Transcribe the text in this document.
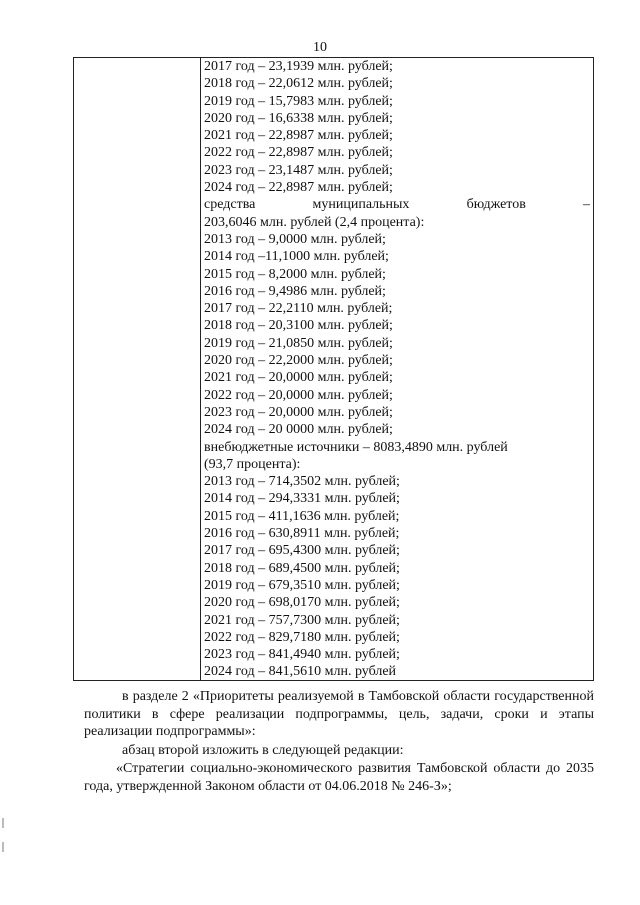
10
2017 год – 23,1939 млн. рублей;
2018 год – 22,0612 млн. рублей;
2019 год – 15,7983 млн. рублей;
2020 год – 16,6338 млн. рублей;
2021 год – 22,8987 млн. рублей;
2022 год – 22,8987 млн. рублей;
2023 год – 23,1487 млн. рублей;
2024 год – 22,8987 млн. рублей;
средства	муниципальных	бюджетов	–
203,6046 млн. рублей (2,4 процента):
2013 год – 9,0000 млн. рублей;
2014 год –11,1000 млн. рублей;
2015 год – 8,2000 млн. рублей;
2016 год – 9,4986 млн. рублей;
2017 год – 22,2110 млн. рублей;
2018 год – 20,3100 млн. рублей;
2019 год – 21,0850 млн. рублей;
2020 год – 22,2000 млн. рублей;
2021 год – 20,0000 млн. рублей;
2022 год – 20,0000 млн. рублей;
2023 год – 20,0000 млн. рублей;
2024 год – 20 0000 млн. рублей;
внебюджетные источники – 8083,4890 млн. рублей
(93,7 процента):
2013 год – 714,3502 млн. рублей;
2014 год – 294,3331 млн. рублей;
2015 год – 411,1636 млн. рублей;
2016 год – 630,8911 млн. рублей;
2017 год – 695,4300 млн. рублей;
2018 год – 689,4500 млн. рублей;
2019 год – 679,3510 млн. рублей;
2020 год – 698,0170 млн. рублей;
2021 год – 757,7300 млн. рублей;
2022 год – 829,7180 млн. рублей;
2023 год – 841,4940 млн. рублей;
2024 год – 841,5610 млн. рублей
в разделе 2 «Приоритеты реализуемой в Тамбовской области государственной политики в сфере реализации подпрограммы, цель, задачи, сроки и этапы реализации подпрограммы»:
абзац второй изложить в следующей редакции:
«Стратегии социально-экономического развития Тамбовской области до 2035 года, утвержденной Законом области от 04.06.2018 № 246-З»;
